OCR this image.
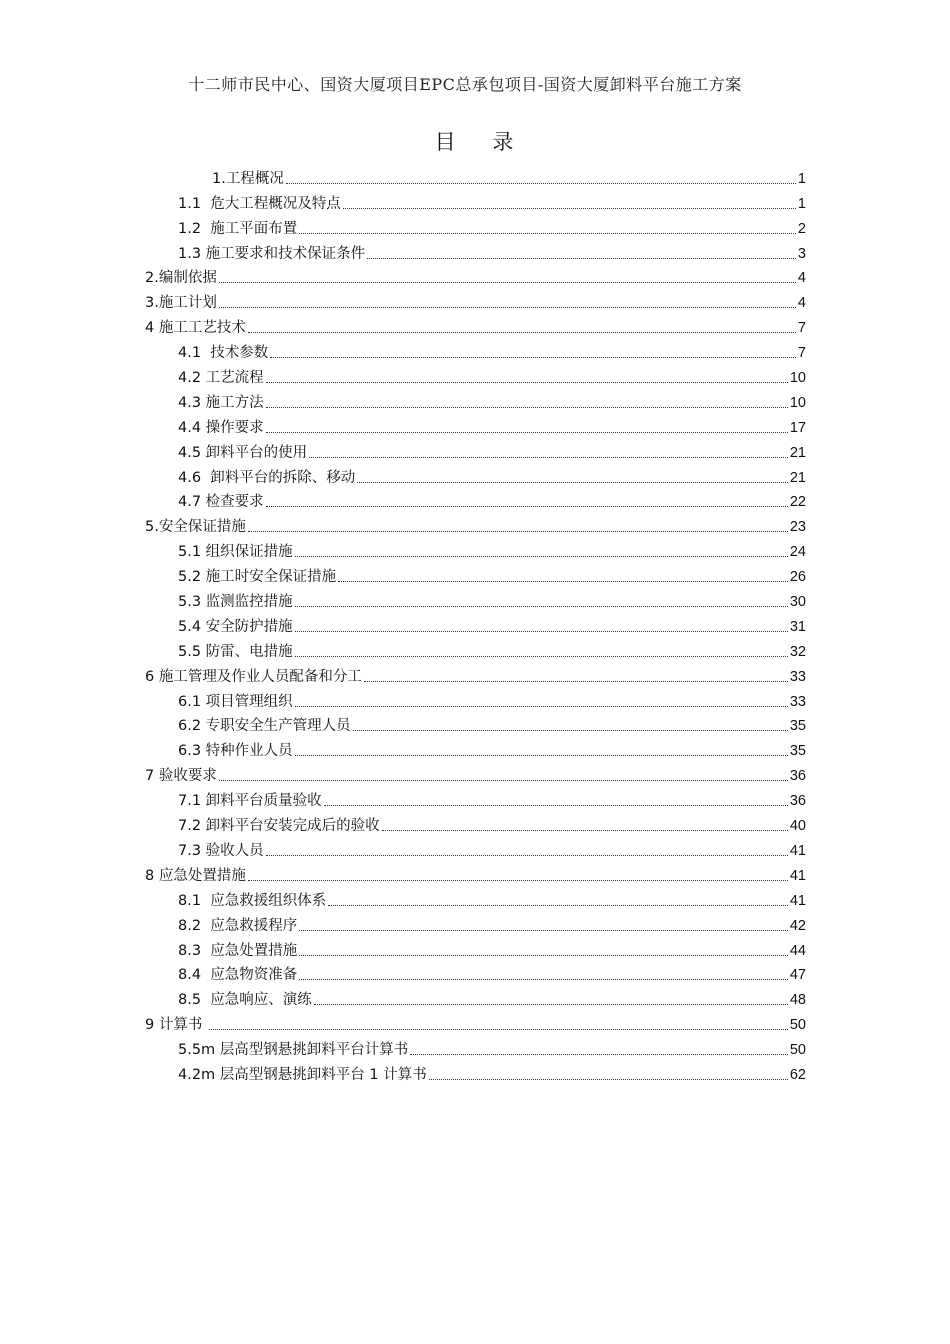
十二师市民中心、国资大厦项目EPC总承包项目-国资大厦卸料平台施工方案
目    录
1.工程概况	1
1.1  危大工程概况及特点	1
1.2  施工平面布置	2
1.3 施工要求和技术保证条件	3
2.编制依据	4
3.施工计划	4
4 施工工艺技术	7
4.1  技术参数	7
4.2 工艺流程	10
4.3 施工方法	10
4.4 操作要求	17
4.5 卸料平台的使用	21
4.6  卸料平台的拆除、移动	21
4.7 检查要求	22
5.安全保证措施	23
5.1 组织保证措施	24
5.2 施工时安全保证措施	26
5.3 监测监控措施	30
5.4 安全防护措施	31
5.5 防雷、电措施	32
6 施工管理及作业人员配备和分工	33
6.1 项目管理组织	33
6.2 专职安全生产管理人员	35
6.3 特种作业人员	35
7 验收要求	36
7.1 卸料平台质量验收	36
7.2 卸料平台安装完成后的验收	40
7.3 验收人员	41
8 应急处置措施	41
8.1  应急救援组织体系	41
8.2  应急救援程序	42
8.3  应急处置措施	44
8.4  应急物资准备	47
8.5  应急响应、演练	48
9 计算书	50
5.5m 层高型钢悬挑卸料平台计算书	50
4.2m 层高型钢悬挑卸料平台 1 计算书	62
